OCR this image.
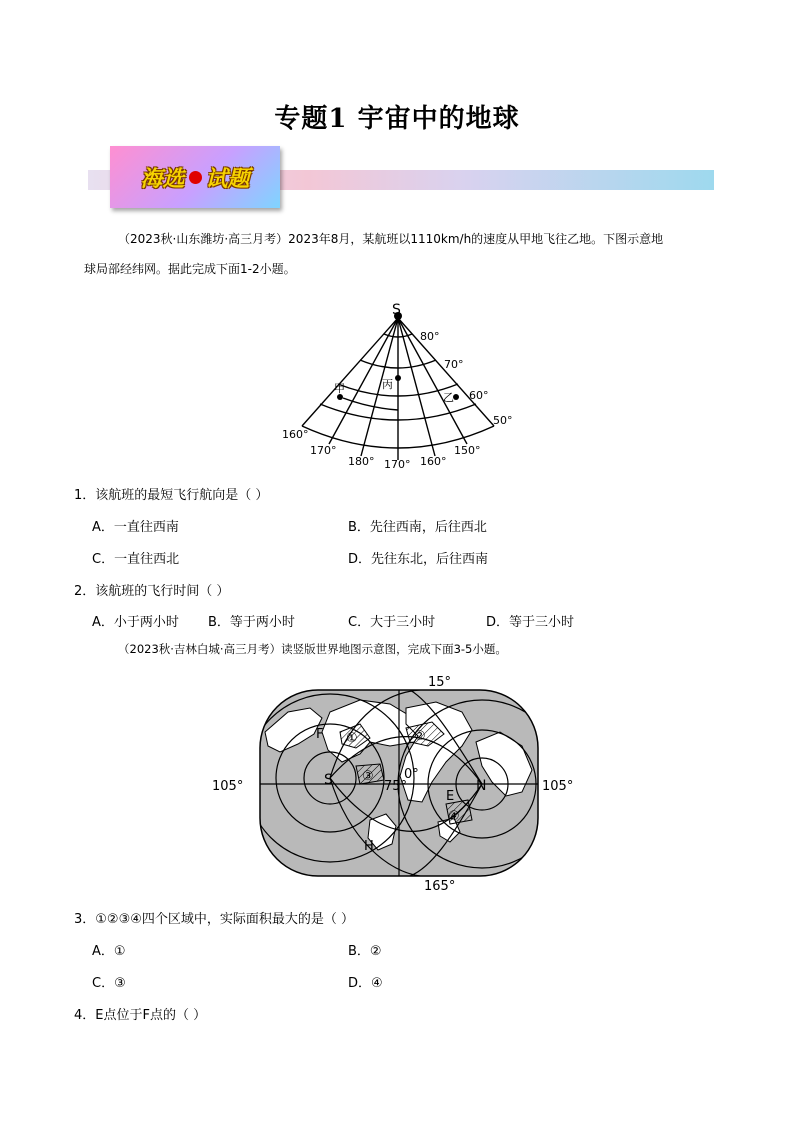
专题1 宇宙中的地球
海选 试题
（2023秋·山东潍坊·高三月考）2023年8月，某航班以1110km/h的速度从甲地飞往乙地。下图示意地
球局部经纬网。据此完成下面1-2小题。
S
80°
70°
60°
50°
160°
170°
180° 170° 160°
150°
甲	丙
乙
1．该航班的最短飞行航向是（ ）
A．一直往西南	B．先往西南，后往西北
C．一直往西北	D．先往东北，后往西南
2．该航班的飞行时间（ ）
A．小于两小时 B．等于两小时	C．大于三小时	D．等于三小时
（2023秋·吉林白城·高三月考）读竖版世界地图示意图，完成下面3-5小题。
①	②
③
④
F
E
S	N
H
15°
165°
105°	105°
0°
75°
3．①②③④四个区域中，实际面积最大的是（ ）
A．①	B．②
C．③	D．④
4．E点位于F点的（ ）
